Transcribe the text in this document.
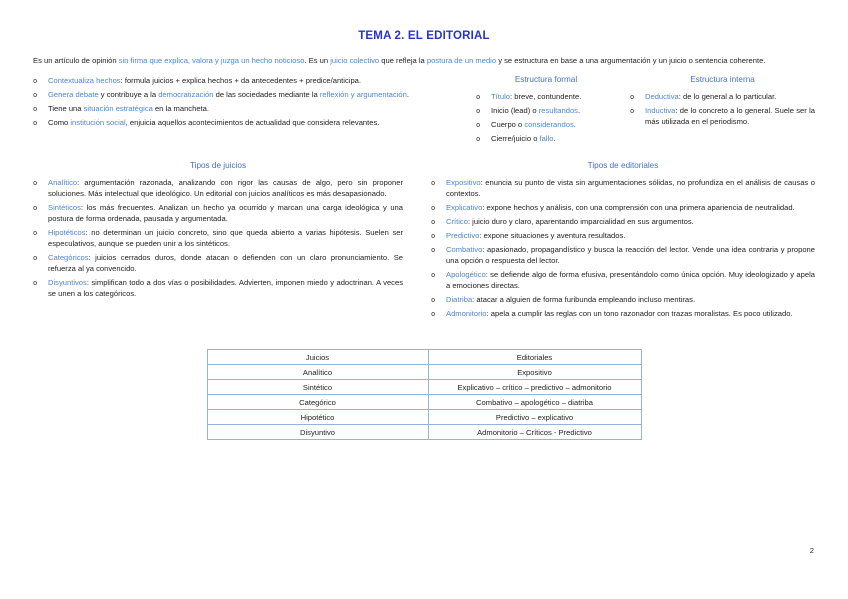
TEMA 2. EL EDITORIAL

Es un artículo de opinión sin firma que explica, valora y juzga un hecho noticioso. Es un juicio colectivo que refleja la postura de un medio y se estructura en base a una argumentación y un juicio o sentencia coherente.

o	Contextualiza hechos: formula juicios + explica hechos + da antecedentes + predice/anticipa.
o	Genera debate y contribuye a la democratización de las sociedades mediante la reflexión y argumentación.
o	Tiene una situación estratégica en la mancheta.
o	Como institución social, enjuicia aquellos acontecimientos de actualidad que considera relevantes.
Estructura formal
o	Título: breve, contundente.
o	Inicio (lead) o resultandos.
o	Cuerpo o considerandos.
o	Cierre/juicio o fallo.
Estructura interna
o	Deductiva: de lo general a lo particular.
o	Inductiva: de lo concreto a lo general. Suele ser la más utilizada en el periodismo.
Tipos de juicios
o	Analítico: argumentación razonada, analizando con rigor las causas de algo, pero sin proponer soluciones. Más intelectual que ideológico. Un editorial con juicios analíticos es más desapasionado.
o	Sintéticos: los más frecuentes. Analizan un hecho ya ocurrido y marcan una carga ideológica y una postura de forma ordenada, pausada y argumentada.
o	Hipotéticos: no determinan un juicio concreto, sino que queda abierto a varias hipótesis. Suelen ser especulativos, aunque se pueden unir a los sintéticos.
o	Categóricos: juicios cerrados duros, donde atacan o defienden con un claro pronunciamiento. Se refuerza al ya convencido.
o	Disyuntivos: simplifican todo a dos vías o posibilidades. Advierten, imponen miedo y adoctrinan. A veces se unen a los categóricos.
Tipos de editoriales
o	Expositivo: enuncia su punto de vista sin argumentaciones sólidas, no profundiza en el análisis de causas o contextos.
o	Explicativo: expone hechos y análisis, con una comprensión con una primera apariencia de neutralidad.
o	Crítico: juicio duro y claro, aparentando imparcialidad en sus argumentos.
o	Predictivo: expone situaciones y aventura resultados.
o	Combativo: apasionado, propagandístico y busca la reacción del lector. Vende una idea contraria y propone una opción o respuesta del lector.
o	Apologético: se defiende algo de forma efusiva, presentándolo como única opción. Muy ideologizado y apela a emociones directas.
o	Diatriba: atacar a alguien de forma furibunda empleando incluso mentiras.
o	Admonitorio: apela a cumplir las reglas con un tono razonador con trazas moralistas. Es poco utilizado.
Juicios	Editoriales
Analítico	Expositivo
Sintético	Explicativo – crítico – predictivo – admonitorio
Categórico	Combativo – apologético – diatriba
Hipotético	Predictivo – explicativo
Disyuntivo	Admonitorio – Críticos - Predictivo
2
